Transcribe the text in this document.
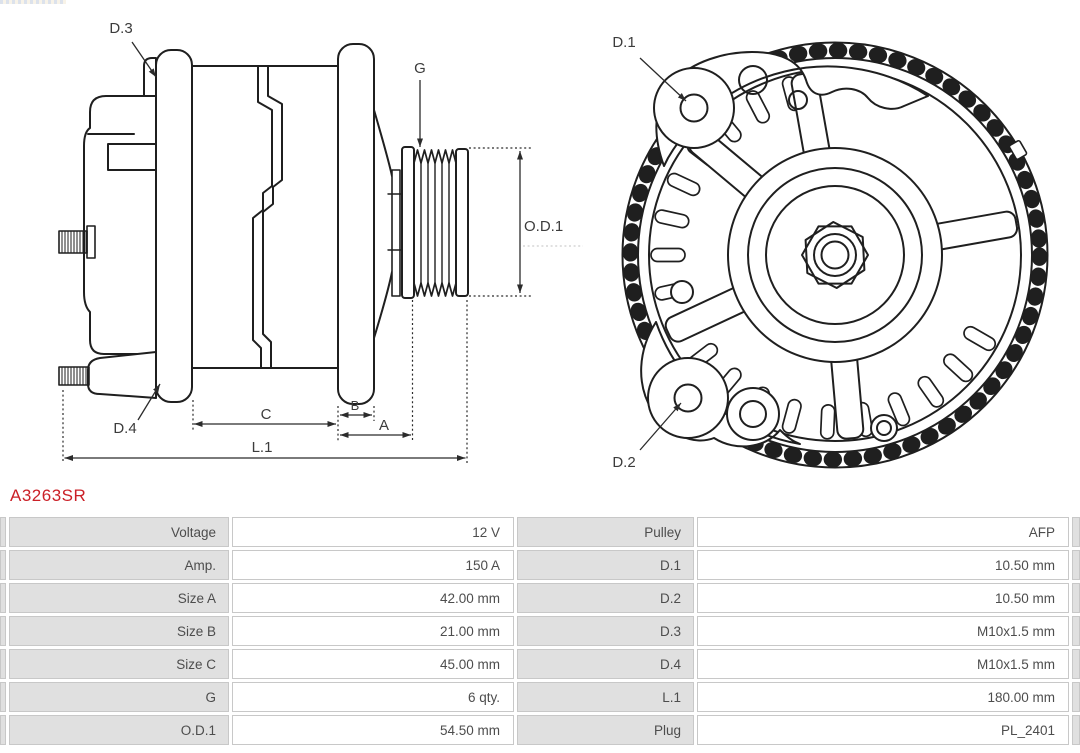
D.3
D.4
G
O.D.1
C
B
A
L.1
D.1
D.2
A3263SR
Voltage	12 V	Pulley	AFP
Amp.	150 A	D.1	10.50 mm
Size A	42.00 mm	D.2	10.50 mm
Size B	21.00 mm	D.3	M10x1.5 mm
Size C	45.00 mm	D.4	M10x1.5 mm
G	6 qty.	L.1	180.00 mm
O.D.1	54.50 mm	Plug	PL_2401
